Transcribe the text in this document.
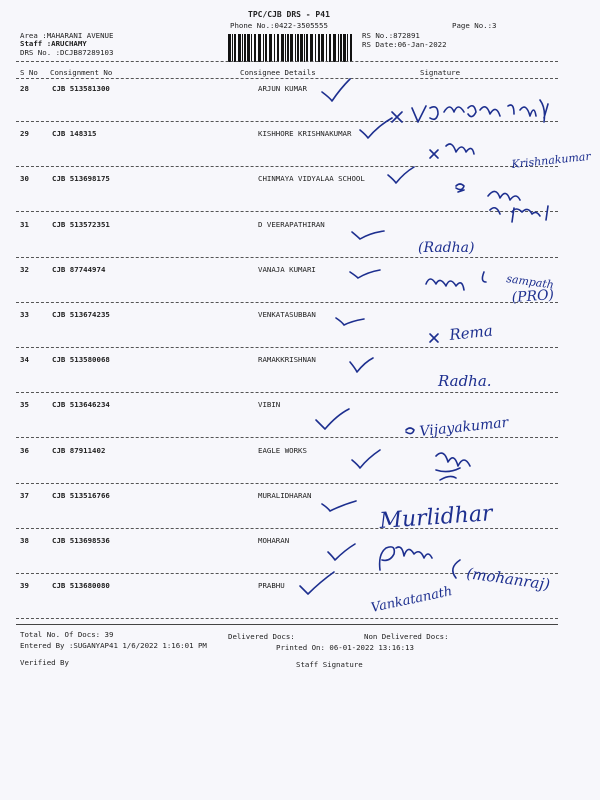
TPC/CJB DRS - P41
Phone No.:0422-3505555	Page No.:3
Area :MAHARANI AVENUE
Staff :ARUCHAMY
DRS No. :DCJB87289103
RS No.:872891
RS Date:06-Jan-2022
S No Consignment No	Consignee Details	Signature
28	CJB 513581300	ARJUN KUMAR
29	CJB 148315	KISHHORE KRISHNAKUMAR
30	CJB 513698175	CHINMAYA VIDYALAA SCHOOL
31	CJB 513572351	D VEERAPATHIRAN
32	CJB 87744974	VANAJA KUMARI
33	CJB 513674235	VENKATASUBBAN
34	CJB 513580068	RAMAKKRISHNAN
35	CJB 513646234	VIBIN
36	CJB 87911402	EAGLE WORKS
37	CJB 513516766	MURALIDHARAN
38	CJB 513698536	MOHARAN
39	CJB 513680080	PRABHU
Krishnakumar
(Radha)
sampath
(PRO)
Rema
Radha.
Vijayakumar
Murlidhar
(mohanraj)
Vankatanath
Total No. Of Docs: 39	Delivered Docs:	Non Delivered Docs:
Entered By :SUGANYAP41 1/6/2022 1:16:01 PM	Printed On: 06-01-2022 13:16:13
Verified By	Staff Signature
